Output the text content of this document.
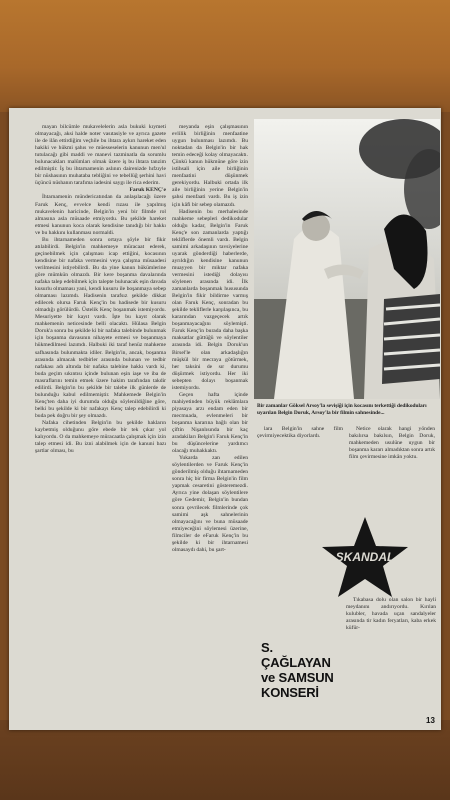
mayan bilcümle mukavelelerin asla bukuki kıymeti olmayacağı, aksi halde noter vasıtasiyle ve ayrıca gazete ile de ilân ettirdiğim veçhile bu ihtara aykırı hareket eden hakiki ve hükmi şahıs ve müesseselerin kanunun men'ul tutulacağı gibi maddi ve manevi tazminatla da sorumlu bulunacakları malûmları olmak üzere iş bu ihtara tanzim edilmiştir. İş bu ihtarnamenin aslının dairenizde hıfzıyle bir nüshasının muhataba tebliğini ve tebellüğ şerhini havi üçüncü nüshanın tarafıma iadesini saygı ile rica ederim.

Faruk KENÇ'e

İhtarnamenin mündericatından da anlaşılacağı üzere Faruk Kenç, evvelce kendi rızası ile yapılmış mukavelenin haricinde, Belgin'in yeni bir filmde rol almasına asla müsaade etmiyordu. Bu şekilde hareket etmesi kanunun koca olarak kendisine tanıdığı bir hakkı ve bu hakkını kullanması normaldi.

Bu ihtarnameden sonra ortaya şöyle bir fikir atılabilirdi. Belgin'in mahkemeye müracaat ederek, geçinebilmek için çalışması icap ettiğini, kocasının kendisine bir nafaka vermesini veya çalışma müsaadesi verilmesini istiyebilirdi. Bu da yine kanun hükümlerine göre mümkün olmazdı. Bir kere boşanma davalarında nafaka talep edebilmek için talepte bulunacak eşin davada kusurlu olmaması yani, kendi kusuru ile boşanmaya sebep olmaması lazımdı. Hadisenin tarafsız şekilde dikkat edilecek olursa Faruk Kenç'in bu hadisede bir kusuru olmadığı görülürdü. Üstelik Kenç boşanmak istemiyordu. Mesuriyette bir kayıt vardı. İşte bu kayıt olarak mahkemenin neticesinde belli olacaktı. Hülasa Belgin Doruk'a sonra bu şekilde ki bir nafaka talebinde bulunmak için boşanma davasının nihayete ermesi ve boşanmaya hükmedilmesi lazımdı. Halbuki iki taraf henüz mahkeme safhasında bulunmakta idiler. Belgin'in, ancak, boşanma arasında almacak tedbirler arasında bulunan ve tedbir nafakası adı altında bir nafaka talebine hakkı vardı ki, buda geçim sıkıntısı içinde bulunan eşin iaşe ve iba de masraflarını temin etmek üzere hakim tarafından takdir edilirdi. Belgin'in bu şekilde bir talebe ilk günlerde de bulunduğu kabul edilmemiştir. Mahkemede Belgin'in Kenç'ten daha iyi durumda olduğu söylenildiğine göre, belki bu şekilde ki bir nafakayı Kenç talep edebilirdi ki buda pek doğru bir şey olmazdı.

Nafaka cihetinden Belgin'in bu şekilde hakların kaybetmiş olduğunu göre ebede bir tek çıkar yol kalıyordu. O da mahkemeye müracaatla çalışmak için izin talep etmesi idi. Bu izni alabilmek için de kanuni bazı şartlar olması, bu

meyanda eşin çalışmasının evlilik birliğinin menfaatine uygun bulunması lazımdı. Bu noktadan da Belgin'in bir hak temin edeceği kolay olmayacaktı. Çünkü kanun hükmüne göre izin istihsali için aile birliğinin menfaatini düşünmek gerekiyordu. Halbuki ortada ilk aile birliğinin yerine Belgin'in şahsi menfaati vardı. Bu iş izin için kâfi bir sebep olamazdı.

Hadisenin bu merhalesinde mahkeme sebepleri dedikodular olduğu kadar, Belgin'in Faruk Kenç'e son zamanlarda yaptığı tekliflerde önemli vardı. Belgin samimi arkadaşının tavsiyelerine uyarak gönderdiği haberlerde, ayrıldığın kendisine kanunun muayyen bir miktar nafaka vermesini istediği dolayısı söylenen arasında idi. İlk zamanlarda boşanmak hususunda Belgin'in fikir bildirme varmış olan Faruk Kenç, sonradan bu şekilde tekliflerle karşılaşınca, bu kararından vazgeçecek artık boşanmayacağını söylemişti. Faruk Kenç'in burada daha başka maksatlar güttüğü ve söylentiler arasında idi. Belgin Doruk'un Birsel'le olan arkadaşlığın müşkül bir mecraya götürmek, her taksini de sır durumu düşürmek istiyordu. Her iki sebepten dolayı boşanmak istemiyordu.

Geçen hafta içinde mahiyetinden büyük reklâmlara piyasaya arzı endam eden bir mecmuada, evlenmeleri bir boşanma kararına bağlı olan bir çiftin Nişanlısında bir kaç aradakiları Belgin'i Faruk Kenç'in bu düşüncelerine yardımcı olacağı muhakkaktı.

Yukarda zan edilen söylentilerden ve Faruk Kenç'in gönderilmiş olduğu ihtarnameden sonra hiç bir firma Belgin'in film yapmak cesaretini gösteremezdi. Ayrıca yine dolaşan söylentilere göre Gedemir, Belgin'in bundan sonra çevrilecek filmlerinde çok samimi aşk sahnelerinin olmayacağını ve buna müsaade etmiyeceğini söylemesi üzerine, filmciler de eFaruk Kenç'in bu şekilde ki bir ihtarnamesi olmasaydı dahi, bu şart-

Bir zamanlar Göksel Arsoy'la sevişiği için kocasını terkettiği dedikoduları uyarılan Belgin Doruk, Arsoy'la bir filmin sahnesinde...

lara Belgin'in sahne film çevirmiyecektika diyorlardı.

Netice olarak hangi yönden bakılırsa bakılsın, Belgin Doruk, mahkemeden usulüne uygun bir boşanma kararı almadıktan sonra artık film çevirmesine imkân yoktu.

SKANDAL
S. ÇAĞLAYAN
ve SAMSUN
KONSERİ

Tıkabasa dolu olan salon bir hayli meydanını andırıyordu. Kırılan kulubler, havada uçan sandalyeler arasında tir kadın feryatları, kaba erkek küfür-

13
